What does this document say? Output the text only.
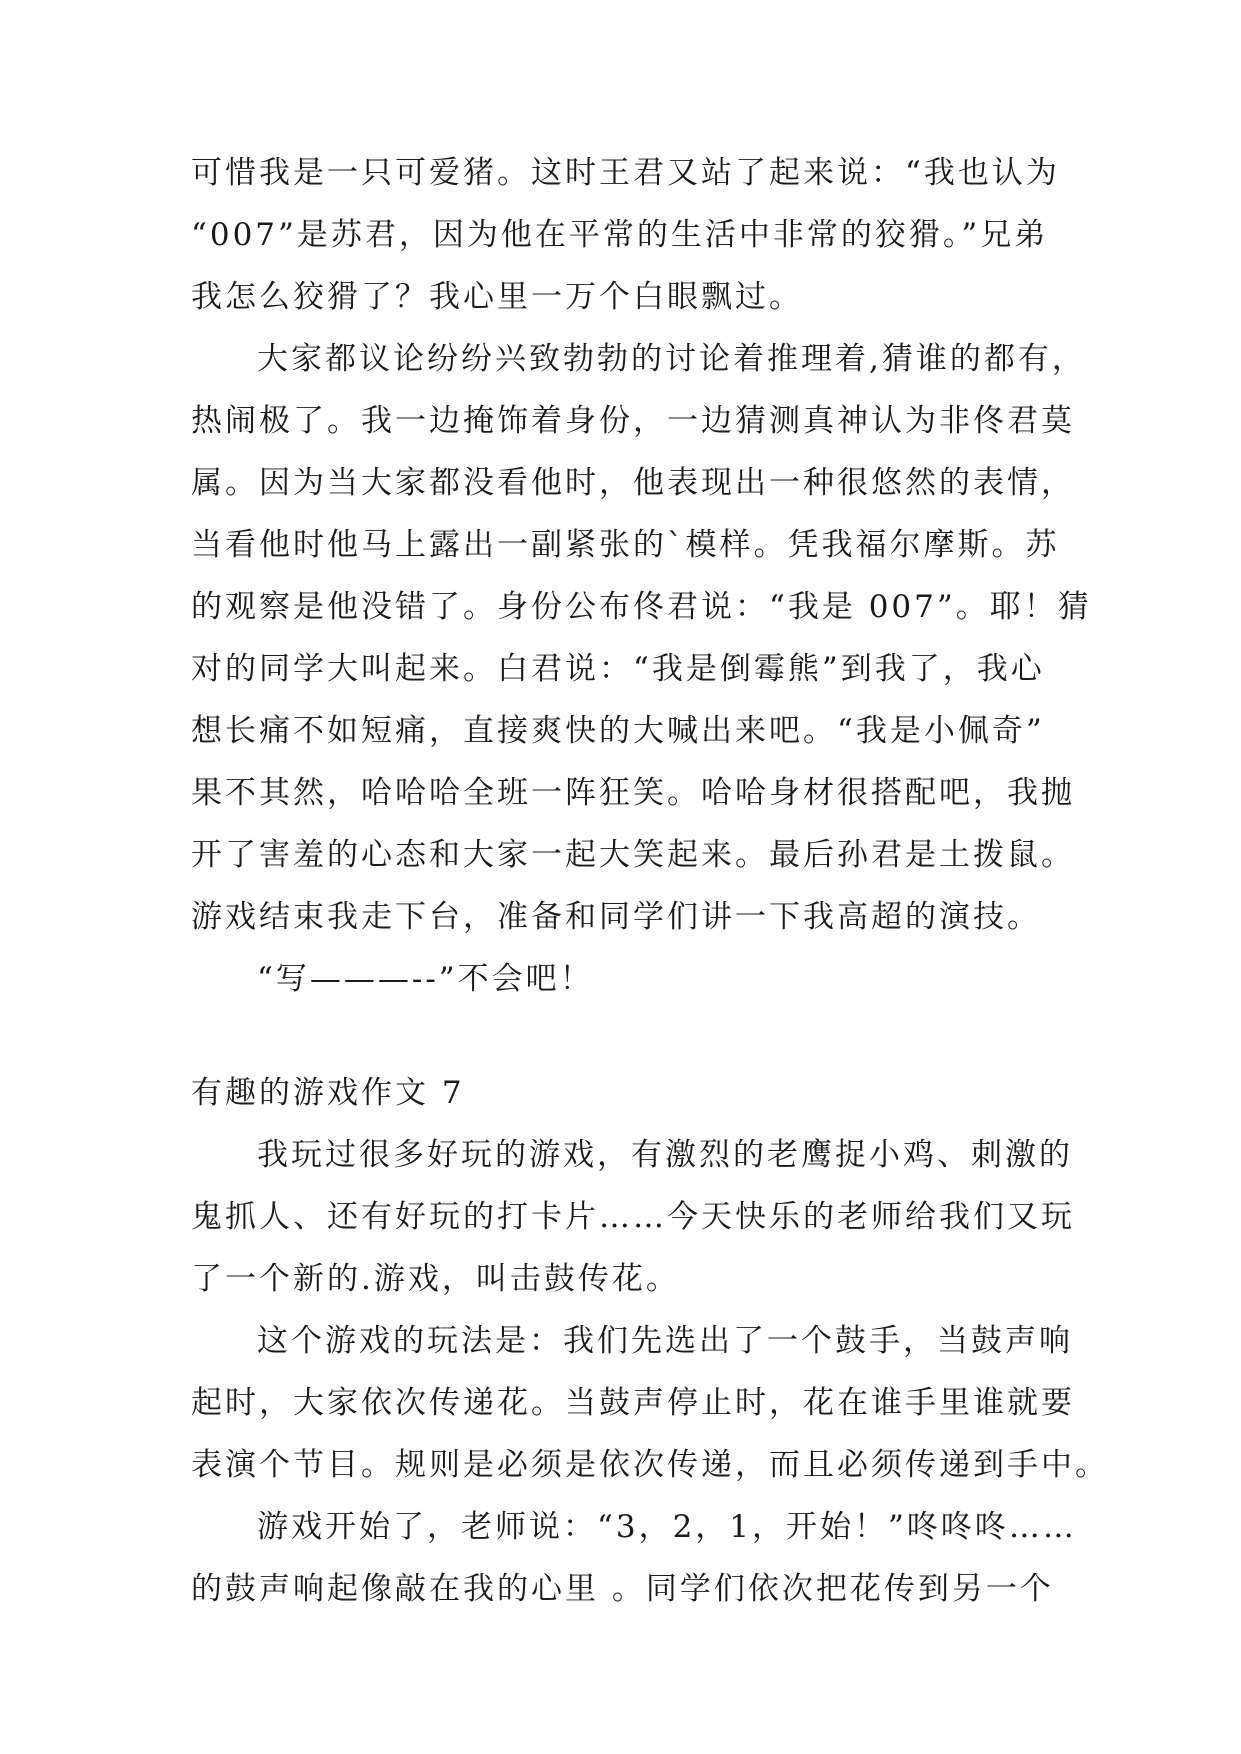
可惜我是一只可爱猪。这时王君又站了起来说：“我也认为
“007”是苏君，因为他在平常的生活中非常的狡猾。”兄弟
我怎么狡猾了？我心里一万个白眼飘过。
大家都议论纷纷兴致勃勃的讨论着推理着,猜谁的都有，
热闹极了。我一边掩饰着身份，一边猜测真神认为非佟君莫
属。因为当大家都没看他时，他表现出一种很悠然的表情，
当看他时他马上露出一副紧张的`模样。凭我福尔摩斯。苏
的观察是他没错了。身份公布佟君说：“我是 007”。耶！猜
对的同学大叫起来。白君说：“我是倒霉熊”到我了，我心
想长痛不如短痛，直接爽快的大喊出来吧。“我是小佩奇”
果不其然，哈哈哈全班一阵狂笑。哈哈身材很搭配吧，我抛
开了害羞的心态和大家一起大笑起来。最后孙君是土拨鼠。
游戏结束我走下台，准备和同学们讲一下我高超的演技。
“写———--”不会吧！
有趣的游戏作文 7
我玩过很多好玩的游戏，有激烈的老鹰捉小鸡、刺激的
鬼抓人、还有好玩的打卡片……今天快乐的老师给我们又玩
了一个新的.游戏，叫击鼓传花。
这个游戏的玩法是：我们先选出了一个鼓手，当鼓声响
起时，大家依次传递花。当鼓声停止时，花在谁手里谁就要
表演个节目。规则是必须是依次传递，而且必须传递到手中。
游戏开始了，老师说：“3，2，1，开始！”咚咚咚……
的鼓声响起像敲在我的心里 。同学们依次把花传到另一个
